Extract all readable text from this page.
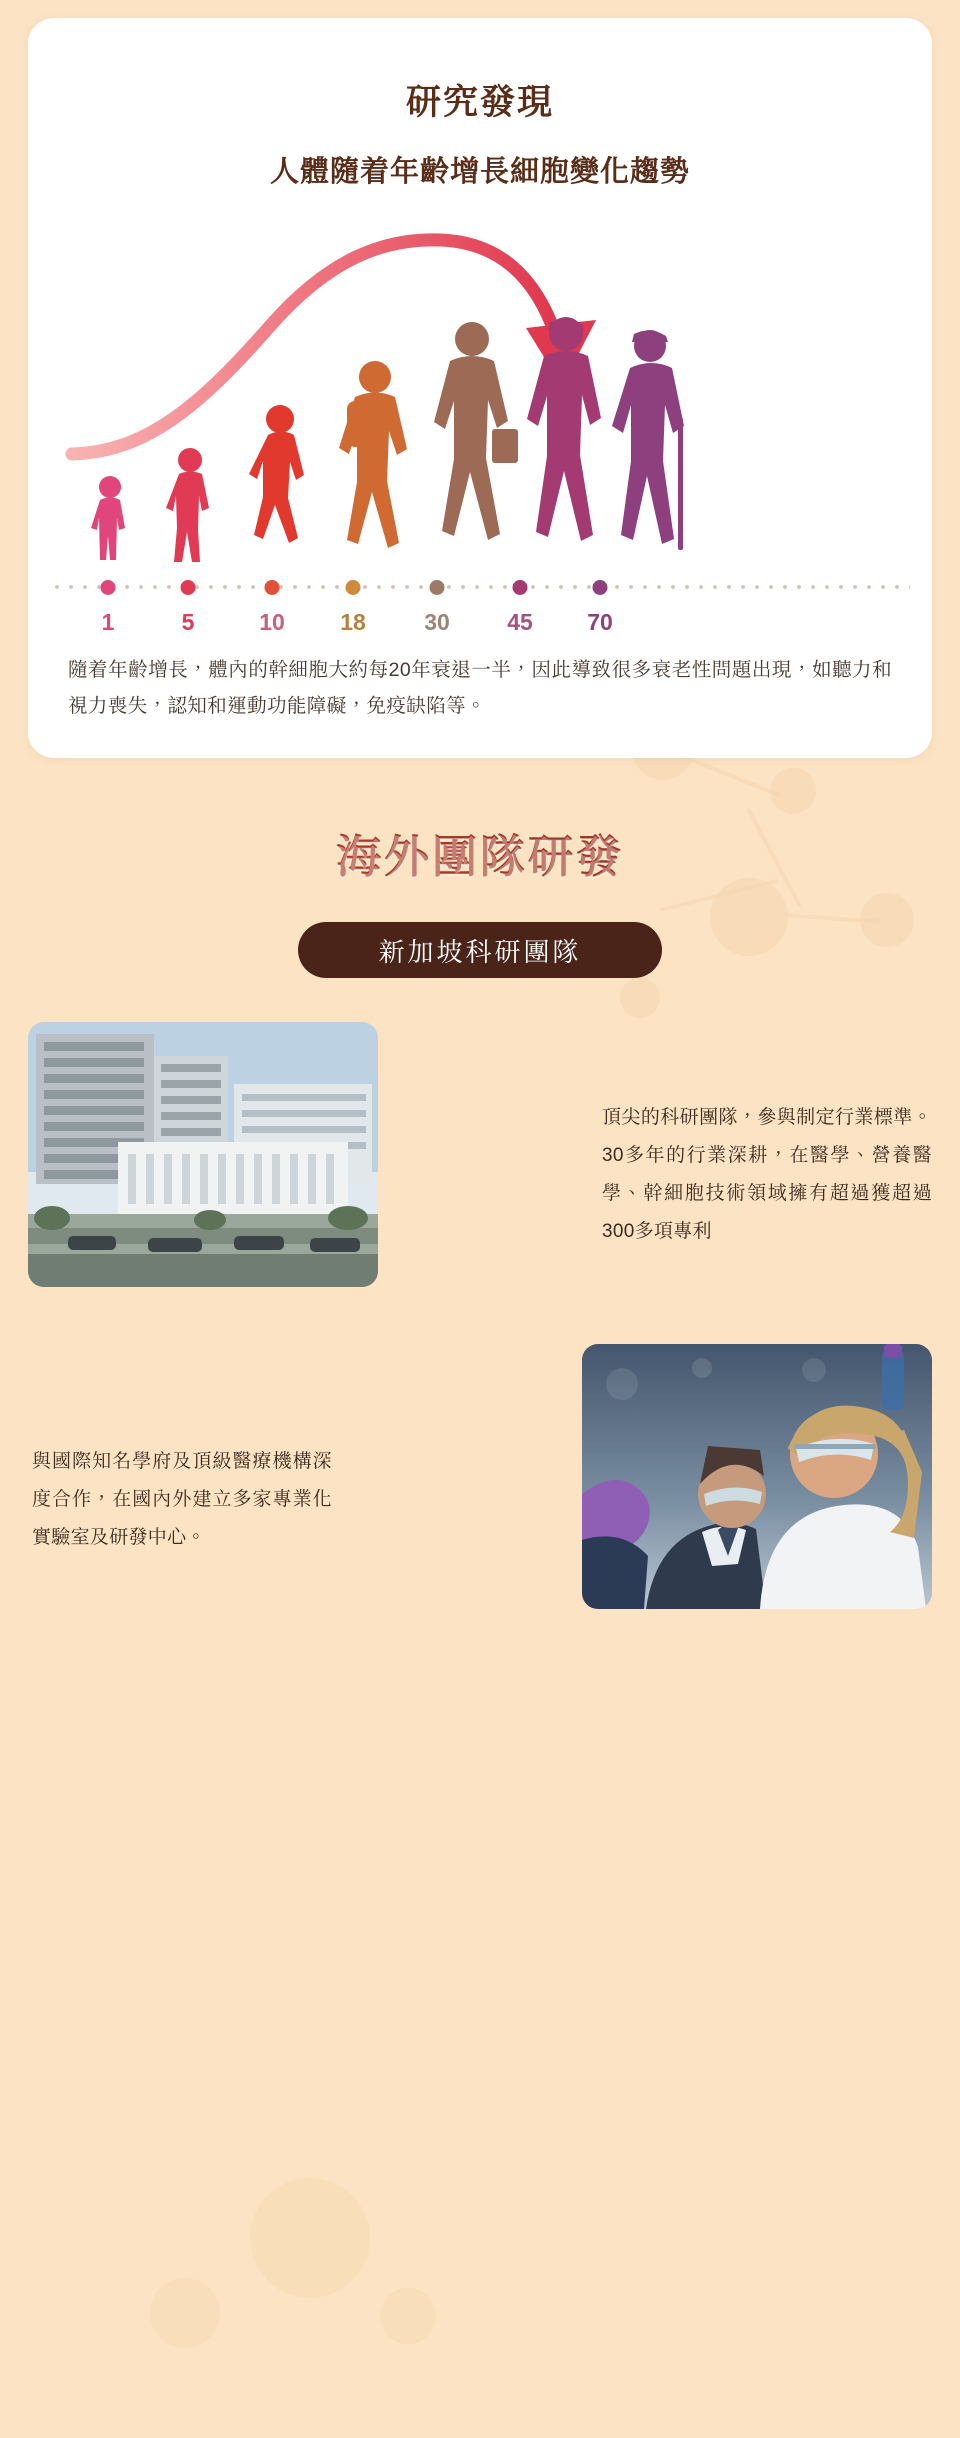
研究發現
人體隨着年齡增長細胞變化趨勢
1	5	10 18	30 45 70

隨着年齡增長，體內的幹細胞大約每20年衰退一半，因此導致很多衰老性問題出現，如聽力和視力喪失，認知和運動功能障礙，免疫缺陷等。

海外團隊研發
新加坡科研團隊

頂尖的科研團隊，參與制定行業標準。30多年的行業深耕，在醫學、營養醫學、幹細胞技術領域擁有超過獲超過300多項專利

與國際知名學府及頂級醫療機構深度合作，在國內外建立多家專業化實驗室及研發中心。
